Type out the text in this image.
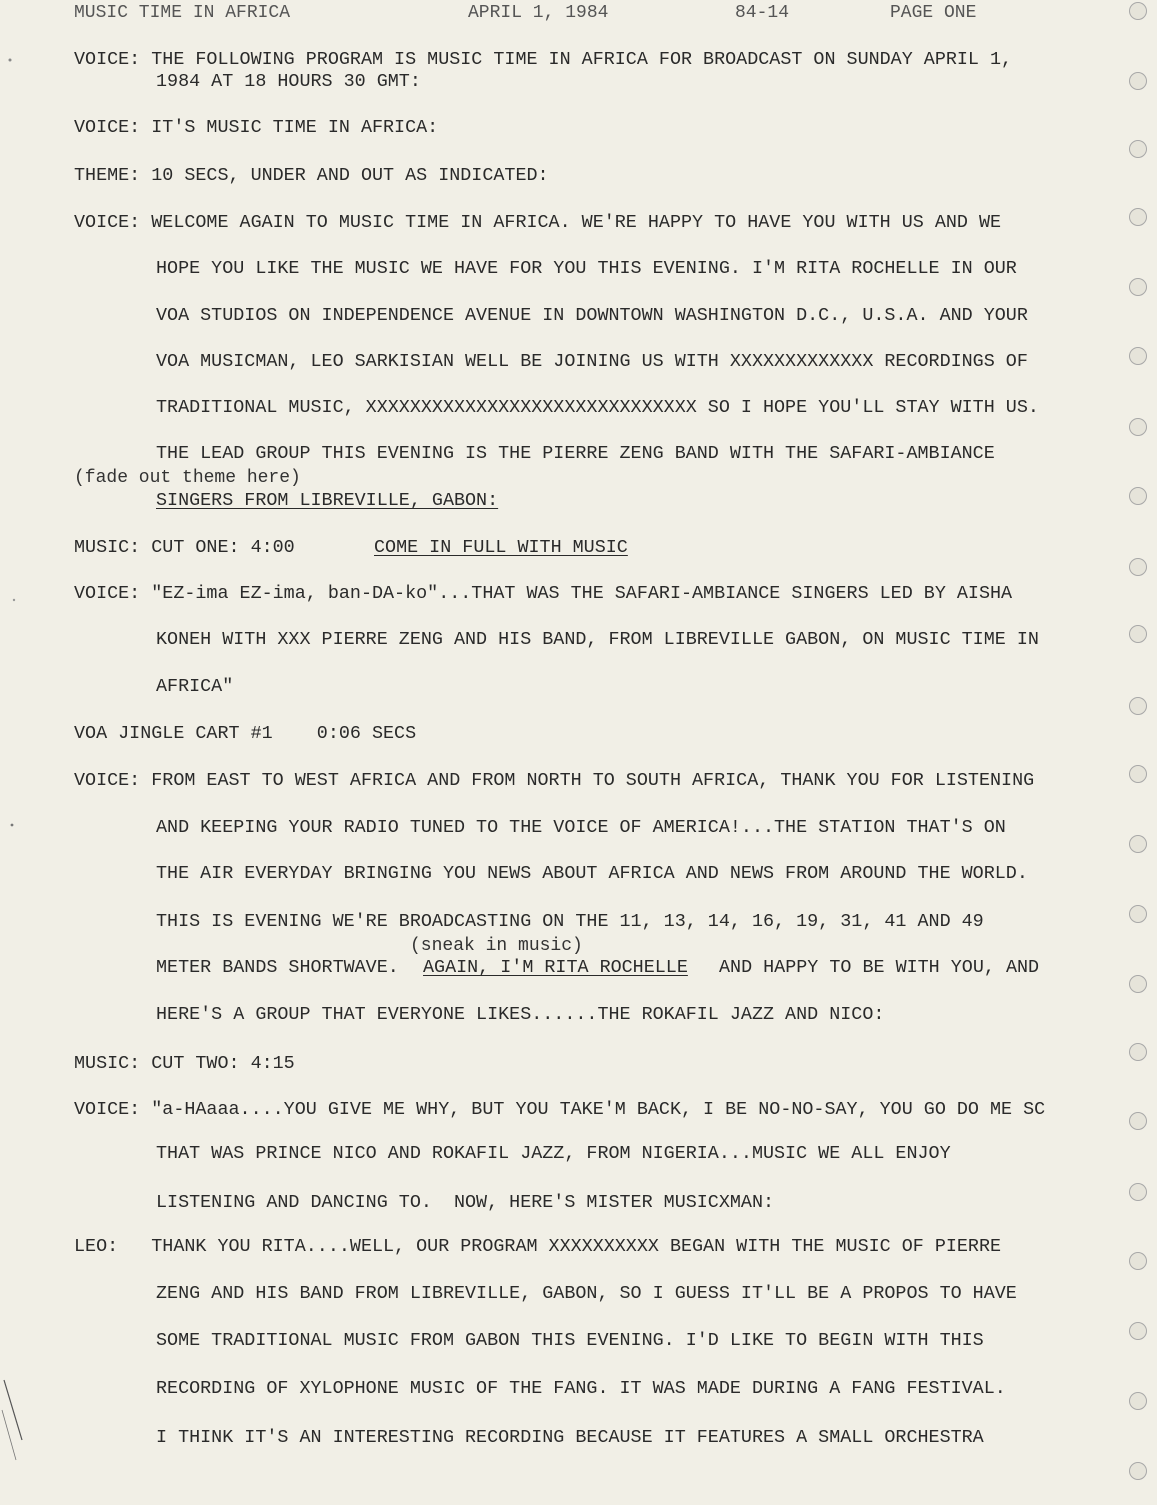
MUSIC TIME IN AFRICA	APRIL 1, 1984	84-14	PAGE ONE
VOICE: THE FOLLOWING PROGRAM IS MUSIC TIME IN AFRICA FOR BROADCAST ON SUNDAY APRIL 1,
1984 AT 18 HOURS 30 GMT:
VOICE: IT'S MUSIC TIME IN AFRICA:
THEME: 10 SECS, UNDER AND OUT AS INDICATED:
VOICE: WELCOME AGAIN TO MUSIC TIME IN AFRICA. WE'RE HAPPY TO HAVE YOU WITH US AND WE
HOPE YOU LIKE THE MUSIC WE HAVE FOR YOU THIS EVENING. I'M RITA ROCHELLE IN OUR
VOA STUDIOS ON INDEPENDENCE AVENUE IN DOWNTOWN WASHINGTON D.C., U.S.A. AND YOUR
VOA MUSICMAN, LEO SARKISIAN WELL BE JOINING US WITH XXXXXXXXXXXXX RECORDINGS OF
TRADITIONAL MUSIC, XXXXXXXXXXXXXXXXXXXXXXXXXXXXXX SO I HOPE YOU'LL STAY WITH US.
THE LEAD GROUP THIS EVENING IS THE PIERRE ZENG BAND WITH THE SAFARI-AMBIANCE
(fade out theme here)
SINGERS FROM LIBREVILLE, GABON:
MUSIC: CUT ONE: 4:00	COME IN FULL WITH MUSIC
VOICE: "EZ-ima EZ-ima, ban-DA-ko"...THAT WAS THE SAFARI-AMBIANCE SINGERS LED BY AISHA
KONEH WITH XXX PIERRE ZENG AND HIS BAND, FROM LIBREVILLE GABON, ON MUSIC TIME IN
AFRICA"
VOA JINGLE CART #1    0:06 SECS
VOICE: FROM EAST TO WEST AFRICA AND FROM NORTH TO SOUTH AFRICA, THANK YOU FOR LISTENING
AND KEEPING YOUR RADIO TUNED TO THE VOICE OF AMERICA!...THE STATION THAT'S ON
THE AIR EVERYDAY BRINGING YOU NEWS ABOUT AFRICA AND NEWS FROM AROUND THE WORLD.
THIS IS EVENING WE'RE BROADCASTING ON THE 11, 13, 14, 16, 19, 31, 41 AND 49
(sneak in music)
METER BANDS SHORTWAVE. AGAIN, I'M RITA ROCHELLE AND HAPPY TO BE WITH YOU, AND
HERE'S A GROUP THAT EVERYONE LIKES......THE ROKAFIL JAZZ AND NICO:
MUSIC: CUT TWO: 4:15
VOICE: "a-HAaaa....YOU GIVE ME WHY, BUT YOU TAKE'M BACK, I BE NO-NO-SAY, YOU GO DO ME SC
THAT WAS PRINCE NICO AND ROKAFIL JAZZ, FROM NIGERIA...MUSIC WE ALL ENJOY
LISTENING AND DANCING TO.  NOW, HERE'S MISTER MUSICXMAN:
LEO:   THANK YOU RITA....WELL, OUR PROGRAM XXXXXXXXXX BEGAN WITH THE MUSIC OF PIERRE
ZENG AND HIS BAND FROM LIBREVILLE, GABON, SO I GUESS IT'LL BE A PROPOS TO HAVE
SOME TRADITIONAL MUSIC FROM GABON THIS EVENING. I'D LIKE TO BEGIN WITH THIS
RECORDING OF XYLOPHONE MUSIC OF THE FANG. IT WAS MADE DURING A FANG FESTIVAL.
I THINK IT'S AN INTERESTING RECORDING BECAUSE IT FEATURES A SMALL ORCHESTRA
